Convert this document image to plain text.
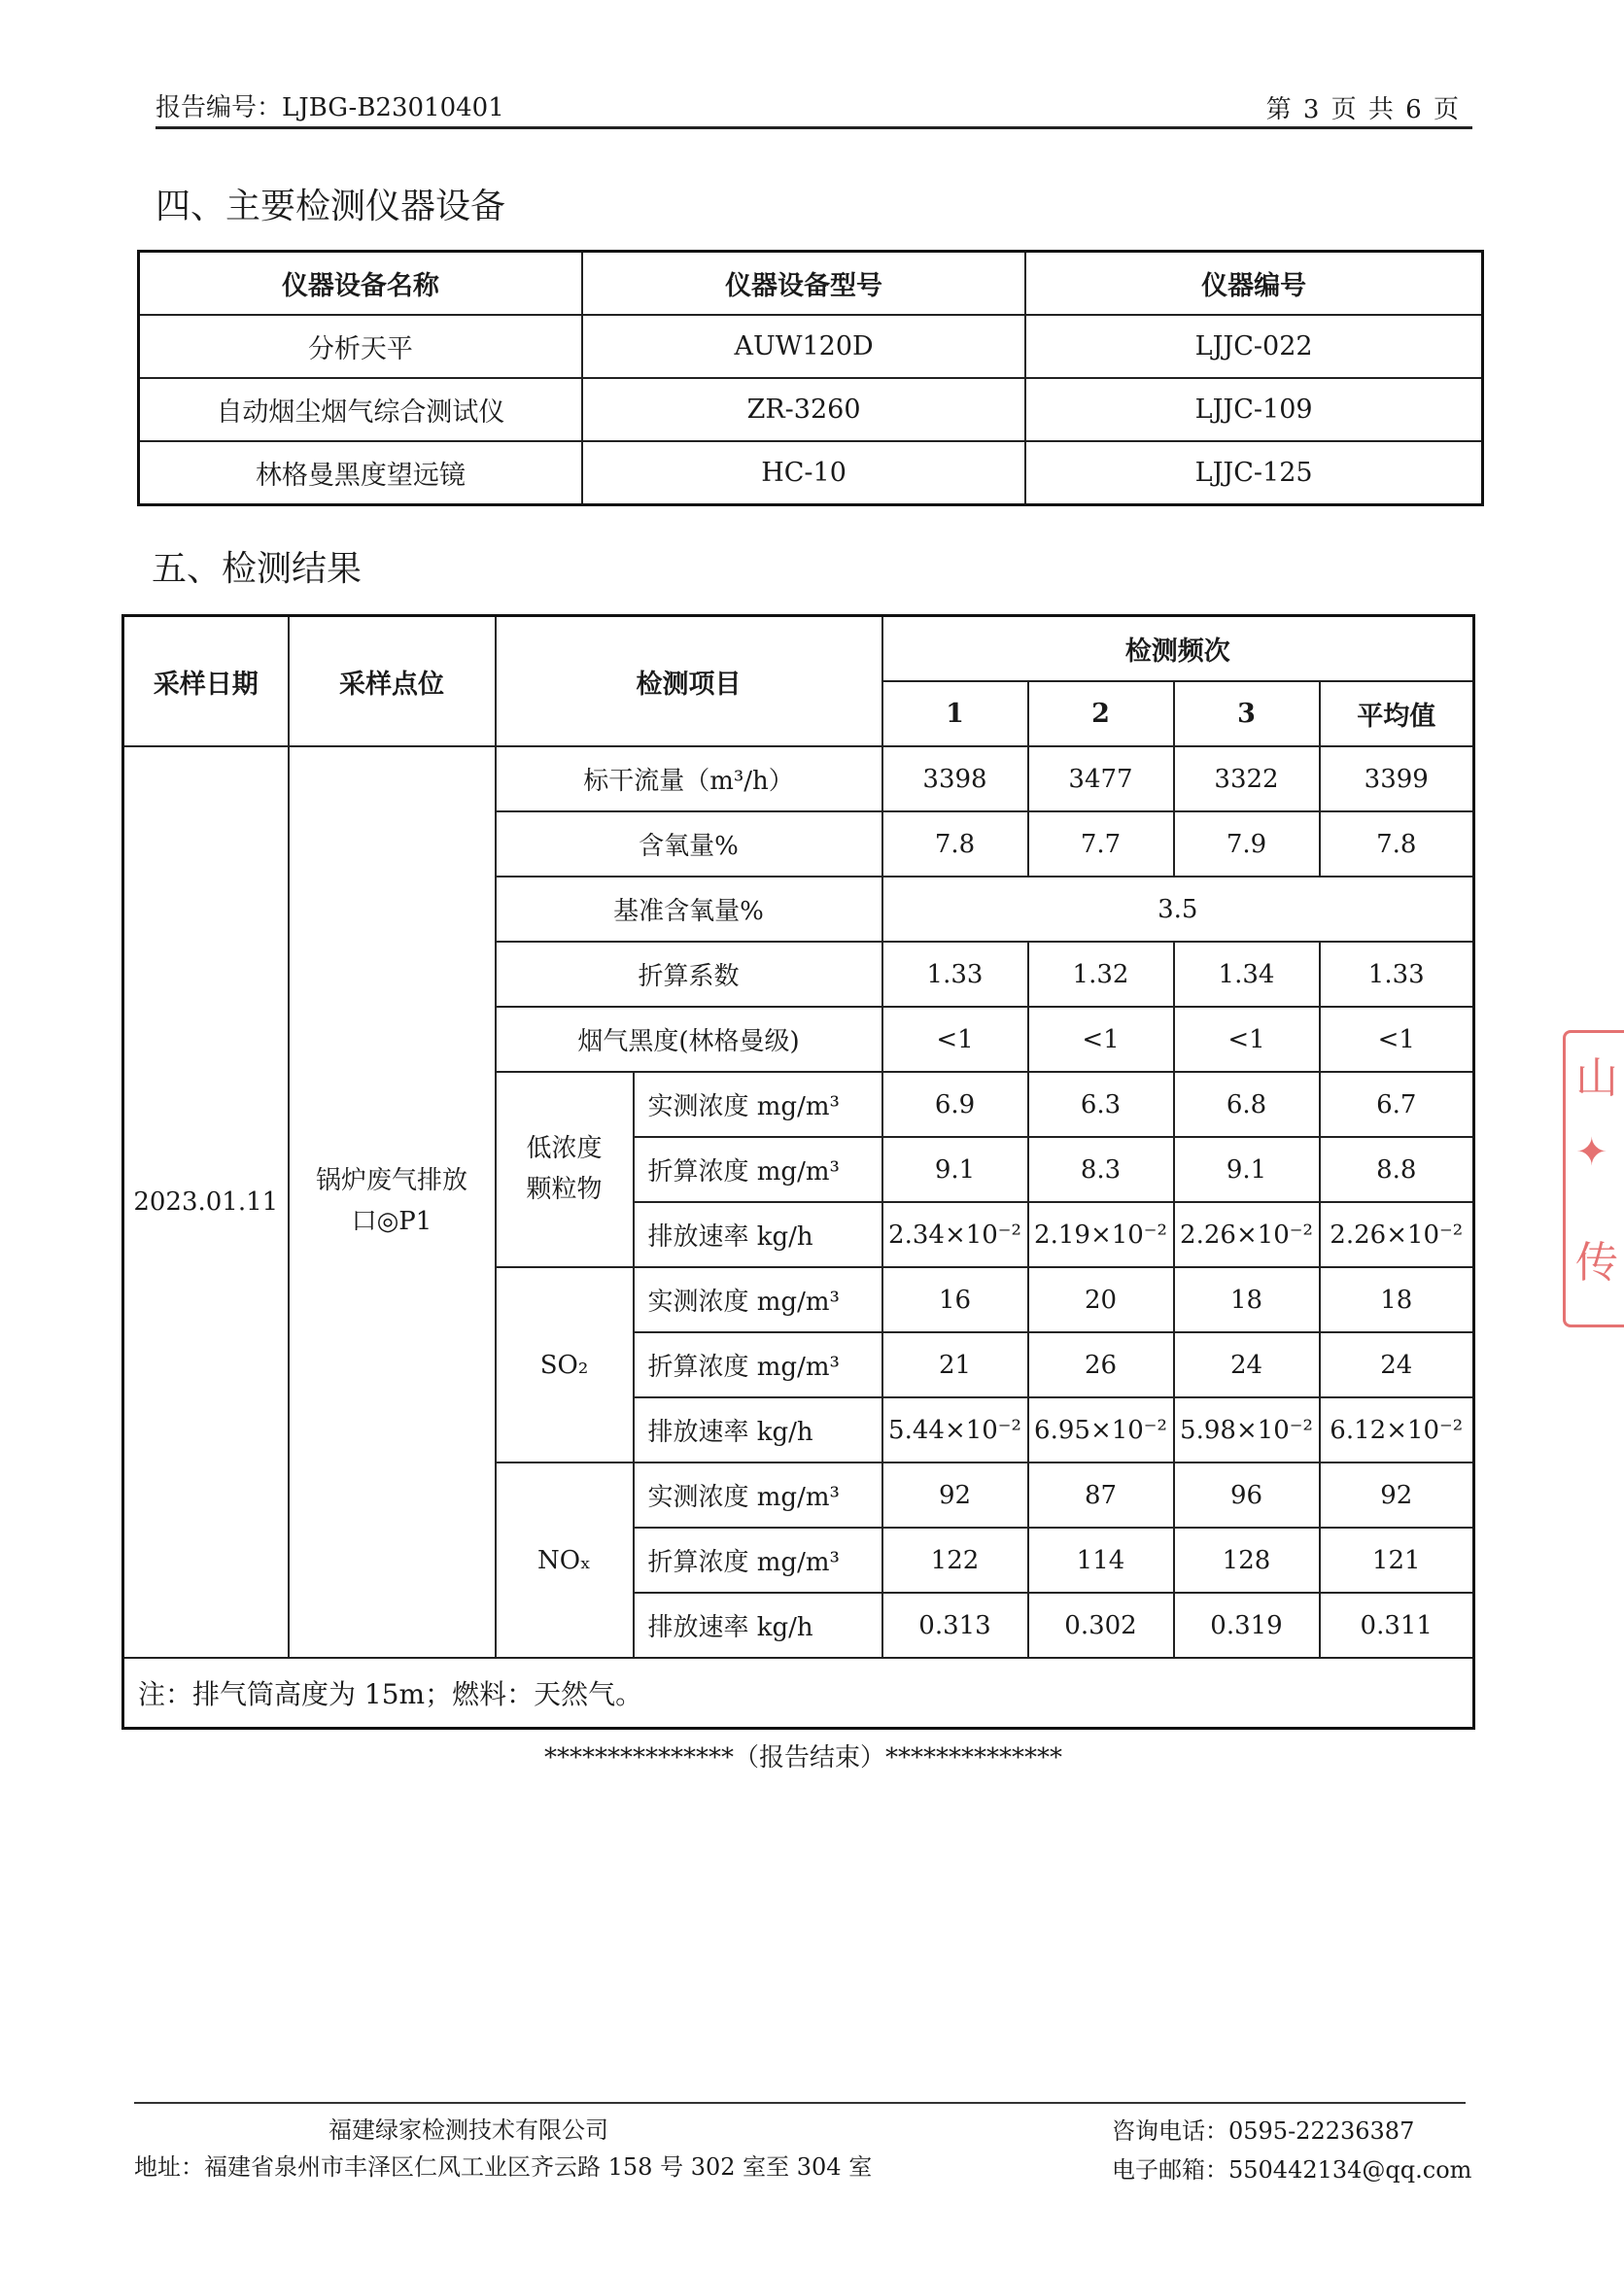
报告编号：LJBG-B23010401	第 3 页 共 6 页
四、主要检测仪器设备
仪器设备名称	仪器设备型号	仪器编号
分析天平	AUW120D	LJJC-022
自动烟尘烟气综合测试仪	ZR-3260	LJJC-109
林格曼黑度望远镜	HC-10	LJJC-125
五、检测结果
采样日期	采样点位	检测项目		检测频次			
				1	2	3	平均值
2023.01.11	锅炉废气排放口◎P1	标干流量（m³/h）		3398	3477	3322	3399
		含氧量%		7.8	7.7	7.9	7.8
		基准含氧量%		3.5			
		折算系数		1.33	1.32	1.34	1.33
		烟气黑度(林格曼级)		<1	<1	<1	<1
		低浓度颗粒物	实测浓度 mg/m³	6.9	6.3	6.8	6.7
			折算浓度 mg/m³	9.1	8.3	9.1	8.8
			排放速率 kg/h	2.34×10⁻²	2.19×10⁻²	2.26×10⁻²	2.26×10⁻²
		SO₂	实测浓度 mg/m³	16	20	18	18
			折算浓度 mg/m³	21	26	24	24
			排放速率 kg/h	5.44×10⁻²	6.95×10⁻²	5.98×10⁻²	6.12×10⁻²
		NOₓ	实测浓度 mg/m³	92	87	96	92
			折算浓度 mg/m³	122	114	128	121
			排放速率 kg/h	0.313	0.302	0.319	0.311
注：排气筒高度为 15m；燃料：天然气。							
***************（报告结束）**************
福建绿家检测技术有限公司
地址：福建省泉州市丰泽区仁风工业区齐云路 158 号 302 室至 304 室
咨询电话：0595-22236387
电子邮箱：550442134@qq.com
山
✦
传
